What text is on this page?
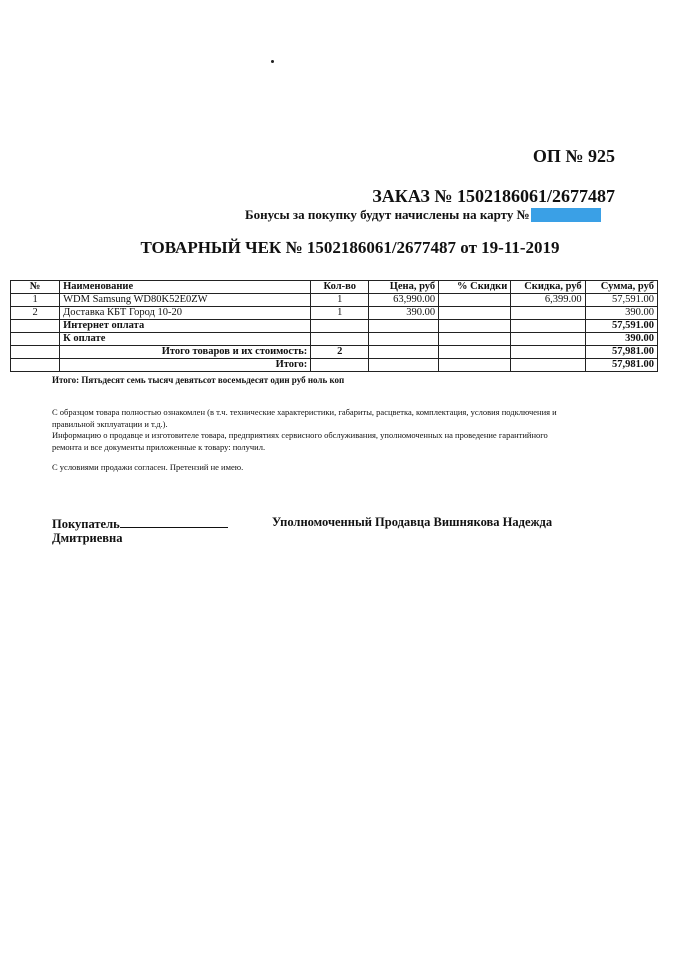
ОП № 925
ЗАКАЗ № 1502186061/2677487
Бонусы за покупку будут начислены на карту №
ТОВАРНЫЙ ЧЕК № 1502186061/2677487 от 19-11-2019
№	Наименование	Кол-во	Цена, руб	% Скидки	Скидка, руб	Сумма, руб
1	WDM Samsung WD80K52E0ZW	1	63,990.00		6,399.00	57,591.00
2	Доставка КБТ Город 10-20	1	390.00			390.00
	Интернет оплата					57,591.00
	К оплате					390.00
	Итого товаров и их стоимость:	2				57,981.00
	Итого:					57,981.00
Итого: Пятьдесят семь тысяч девятьсот восемьдесят один руб ноль коп

С образцом товара полностью ознакомлен (в т.ч. технические характеристики, габариты, расцветка, комплектация, условия подключения и правильной экплуатации и т.д.).

Информацию о продавце и изготовителе товара, предприятиях сервисного обслуживания, уполномоченных на проведение гарантийного ремонта и все документы приложенные к товару: получил.

С условиями продажи согласен. Претензий не имею.

Покупатель	Уполномоченный Продавца Вишнякова Надежда
Дмитриевна
